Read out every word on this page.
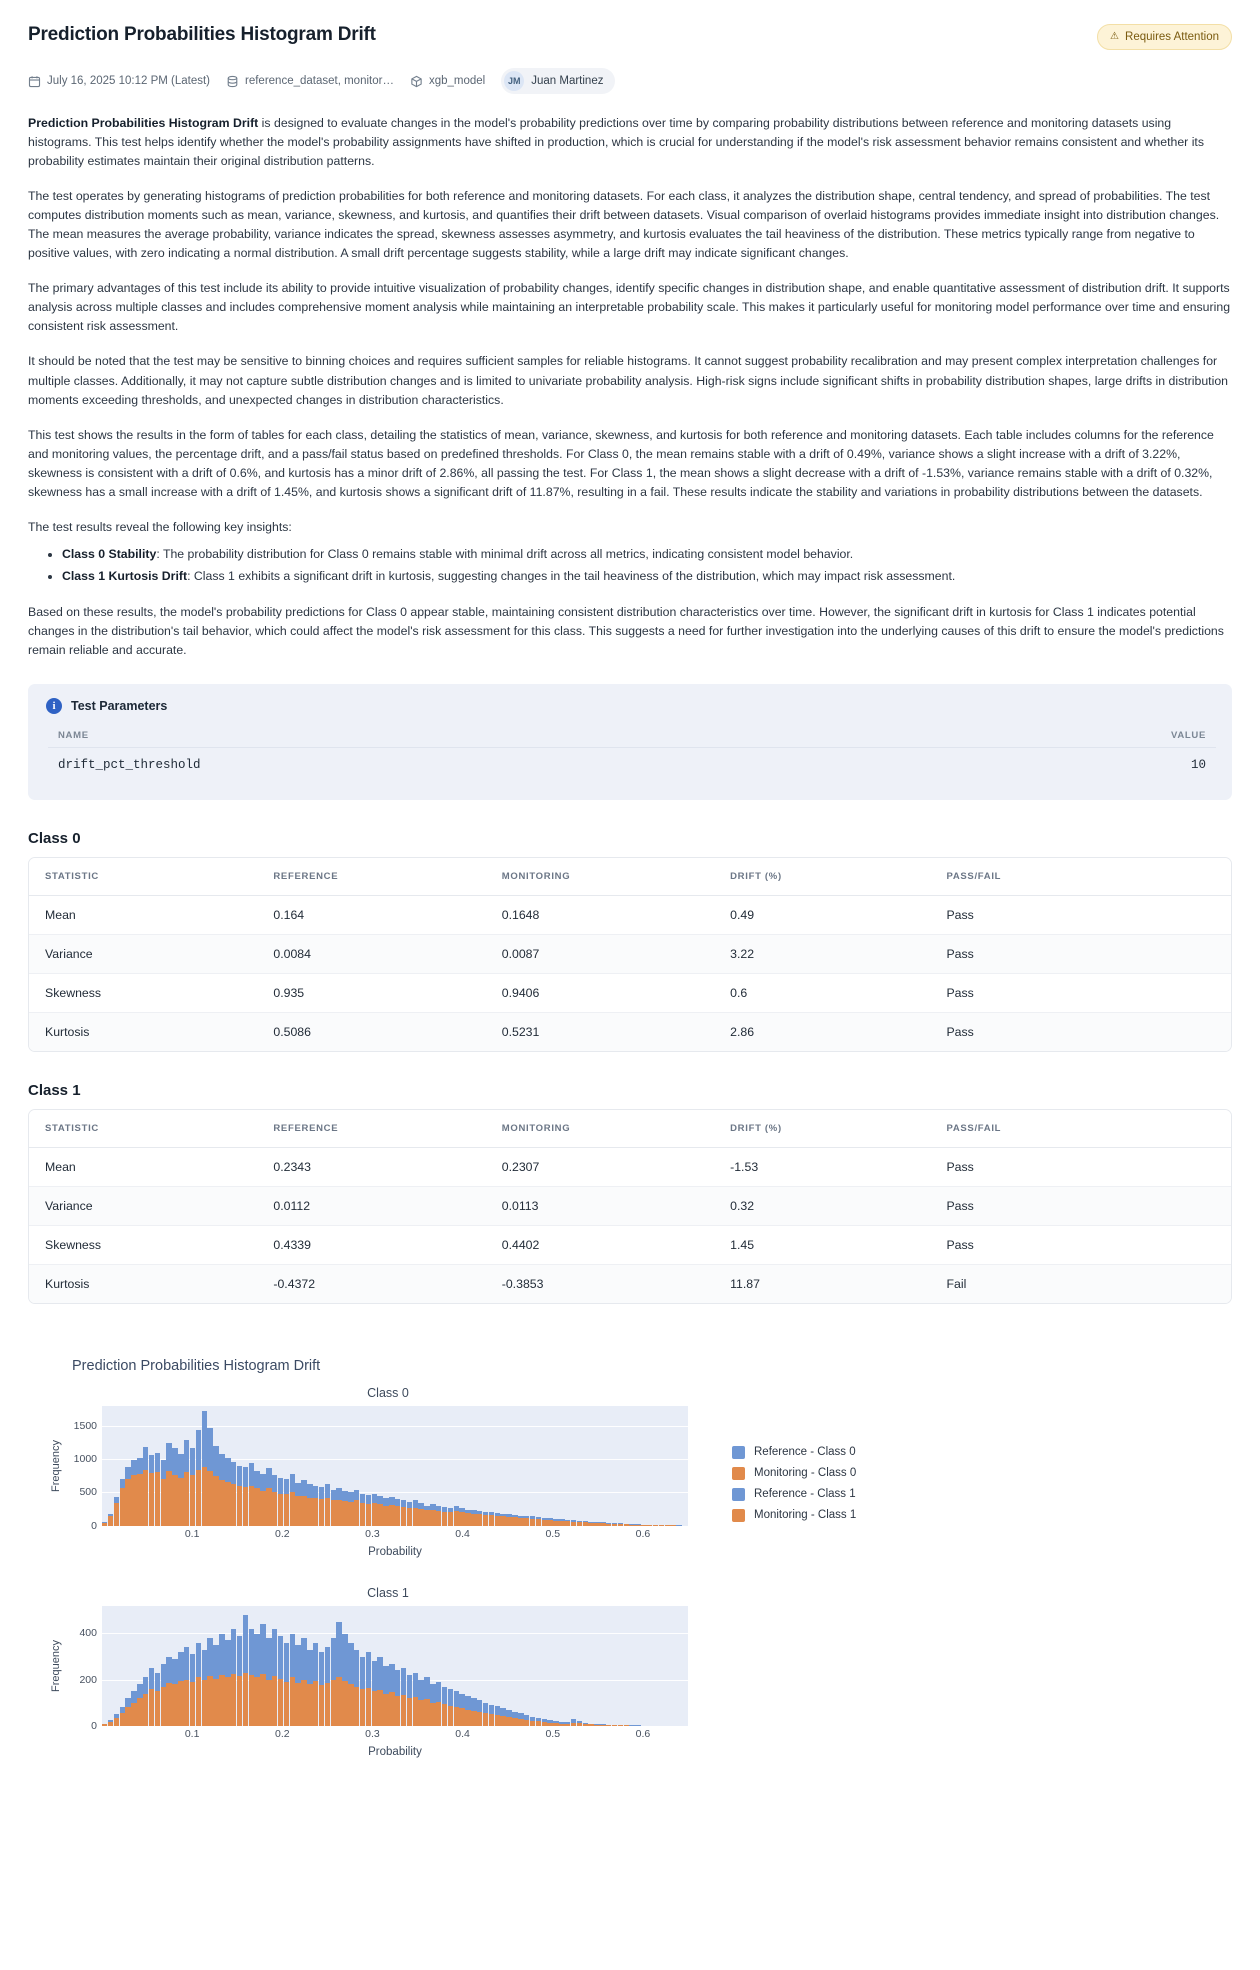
Prediction Probabilities Histogram Drift	⚠ Requires Attention
July 16, 2025 10:12 PM (Latest)	reference_dataset, monitor…	xgb_model	JM Juan Martinez

Prediction Probabilities Histogram Drift is designed to evaluate changes in the model's probability predictions over time by comparing probability distributions between reference and monitoring datasets using histograms. This test helps identify whether the model's probability assignments have shifted in production, which is crucial for understanding if the model's risk assessment behavior remains consistent and whether its probability estimates maintain their original distribution patterns.

The test operates by generating histograms of prediction probabilities for both reference and monitoring datasets. For each class, it analyzes the distribution shape, central tendency, and spread of probabilities. The test computes distribution moments such as mean, variance, skewness, and kurtosis, and quantifies their drift between datasets. Visual comparison of overlaid histograms provides immediate insight into distribution changes. The mean measures the average probability, variance indicates the spread, skewness assesses asymmetry, and kurtosis evaluates the tail heaviness of the distribution. These metrics typically range from negative to positive values, with zero indicating a normal distribution. A small drift percentage suggests stability, while a large drift may indicate significant changes.

The primary advantages of this test include its ability to provide intuitive visualization of probability changes, identify specific changes in distribution shape, and enable quantitative assessment of distribution drift. It supports analysis across multiple classes and includes comprehensive moment analysis while maintaining an interpretable probability scale. This makes it particularly useful for monitoring model performance over time and ensuring consistent risk assessment.

It should be noted that the test may be sensitive to binning choices and requires sufficient samples for reliable histograms. It cannot suggest probability recalibration and may present complex interpretation challenges for multiple classes. Additionally, it may not capture subtle distribution changes and is limited to univariate probability analysis. High-risk signs include significant shifts in probability distribution shapes, large drifts in distribution moments exceeding thresholds, and unexpected changes in distribution characteristics.

This test shows the results in the form of tables for each class, detailing the statistics of mean, variance, skewness, and kurtosis for both reference and monitoring datasets. Each table includes columns for the reference and monitoring values, the percentage drift, and a pass/fail status based on predefined thresholds. For Class 0, the mean remains stable with a drift of 0.49%, variance shows a slight increase with a drift of 3.22%, skewness is consistent with a drift of 0.6%, and kurtosis has a minor drift of 2.86%, all passing the test. For Class 1, the mean shows a slight decrease with a drift of -1.53%, variance remains stable with a drift of 0.32%, skewness has a small increase with a drift of 1.45%, and kurtosis shows a significant drift of 11.87%, resulting in a fail. These results indicate the stability and variations in probability distributions between the datasets.

The test results reveal the following key insights:

• Class 0 Stability: The probability distribution for Class 0 remains stable with minimal drift across all metrics, indicating consistent model behavior.
• Class 1 Kurtosis Drift: Class 1 exhibits a significant drift in kurtosis, suggesting changes in the tail heaviness of the distribution, which may impact risk assessment.

Based on these results, the model's probability predictions for Class 0 appear stable, maintaining consistent distribution characteristics over time. However, the significant drift in kurtosis for Class 1 indicates potential changes in the distribution's tail behavior, which could affect the model's risk assessment for this class. This suggests a need for further investigation into the underlying causes of this drift to ensure the model's predictions remain reliable and accurate.

i	Test Parameters
NAME	VALUE
drift_pct_threshold	10
Class 0
STATISTIC	REFERENCE	MONITORING	DRIFT (%)	PASS/FAIL
Mean	0.164	0.1648	0.49	Pass
Variance	0.0084	0.0087	3.22	Pass
Skewness	0.935	0.9406	0.6	Pass
Kurtosis	0.5086	0.5231	2.86	Pass
Class 1
STATISTIC	REFERENCE	MONITORING	DRIFT (%)	PASS/FAIL
Mean	0.2343	0.2307	-1.53	Pass
Variance	0.0112	0.0113	0.32	Pass
Skewness	0.4339	0.4402	1.45	Pass
Kurtosis	-0.4372	-0.3853	11.87	Fail
Prediction Probabilities Histogram Drift
Class 0
Frequency
0
500
1000
1500
0.1	0.2	0.3	0.4	0.5	0.6
Probability
Reference - Class 0
Monitoring - Class 0
Reference - Class 1
Monitoring - Class 1
Class 1
Frequency
0
200
400
0.1	0.2	0.3	0.4	0.5	0.6
Probability
